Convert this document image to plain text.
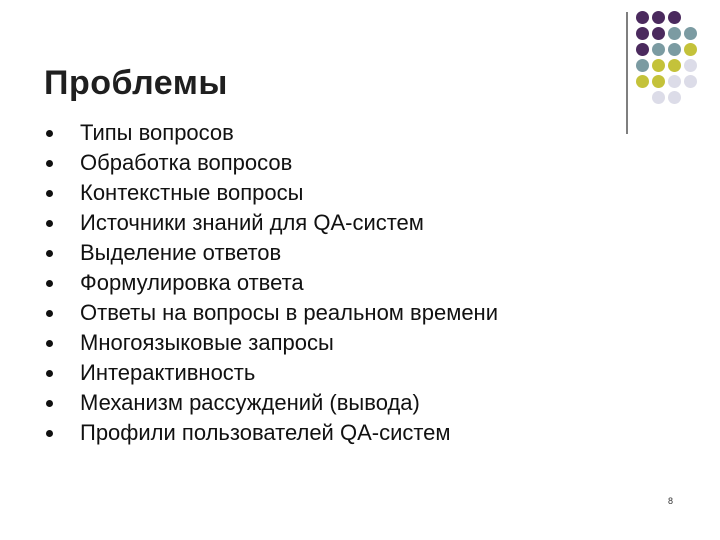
Проблемы
Типы вопросов
Обработка вопросов
Контекстные вопросы
Источники знаний для QA-систем
Выделение ответов
Формулировка ответа
Ответы на вопросы в реальном времени
Многоязыковые запросы
Интерактивность
Механизм рассуждений (вывода)
Профили пользователей QA-систем
8
